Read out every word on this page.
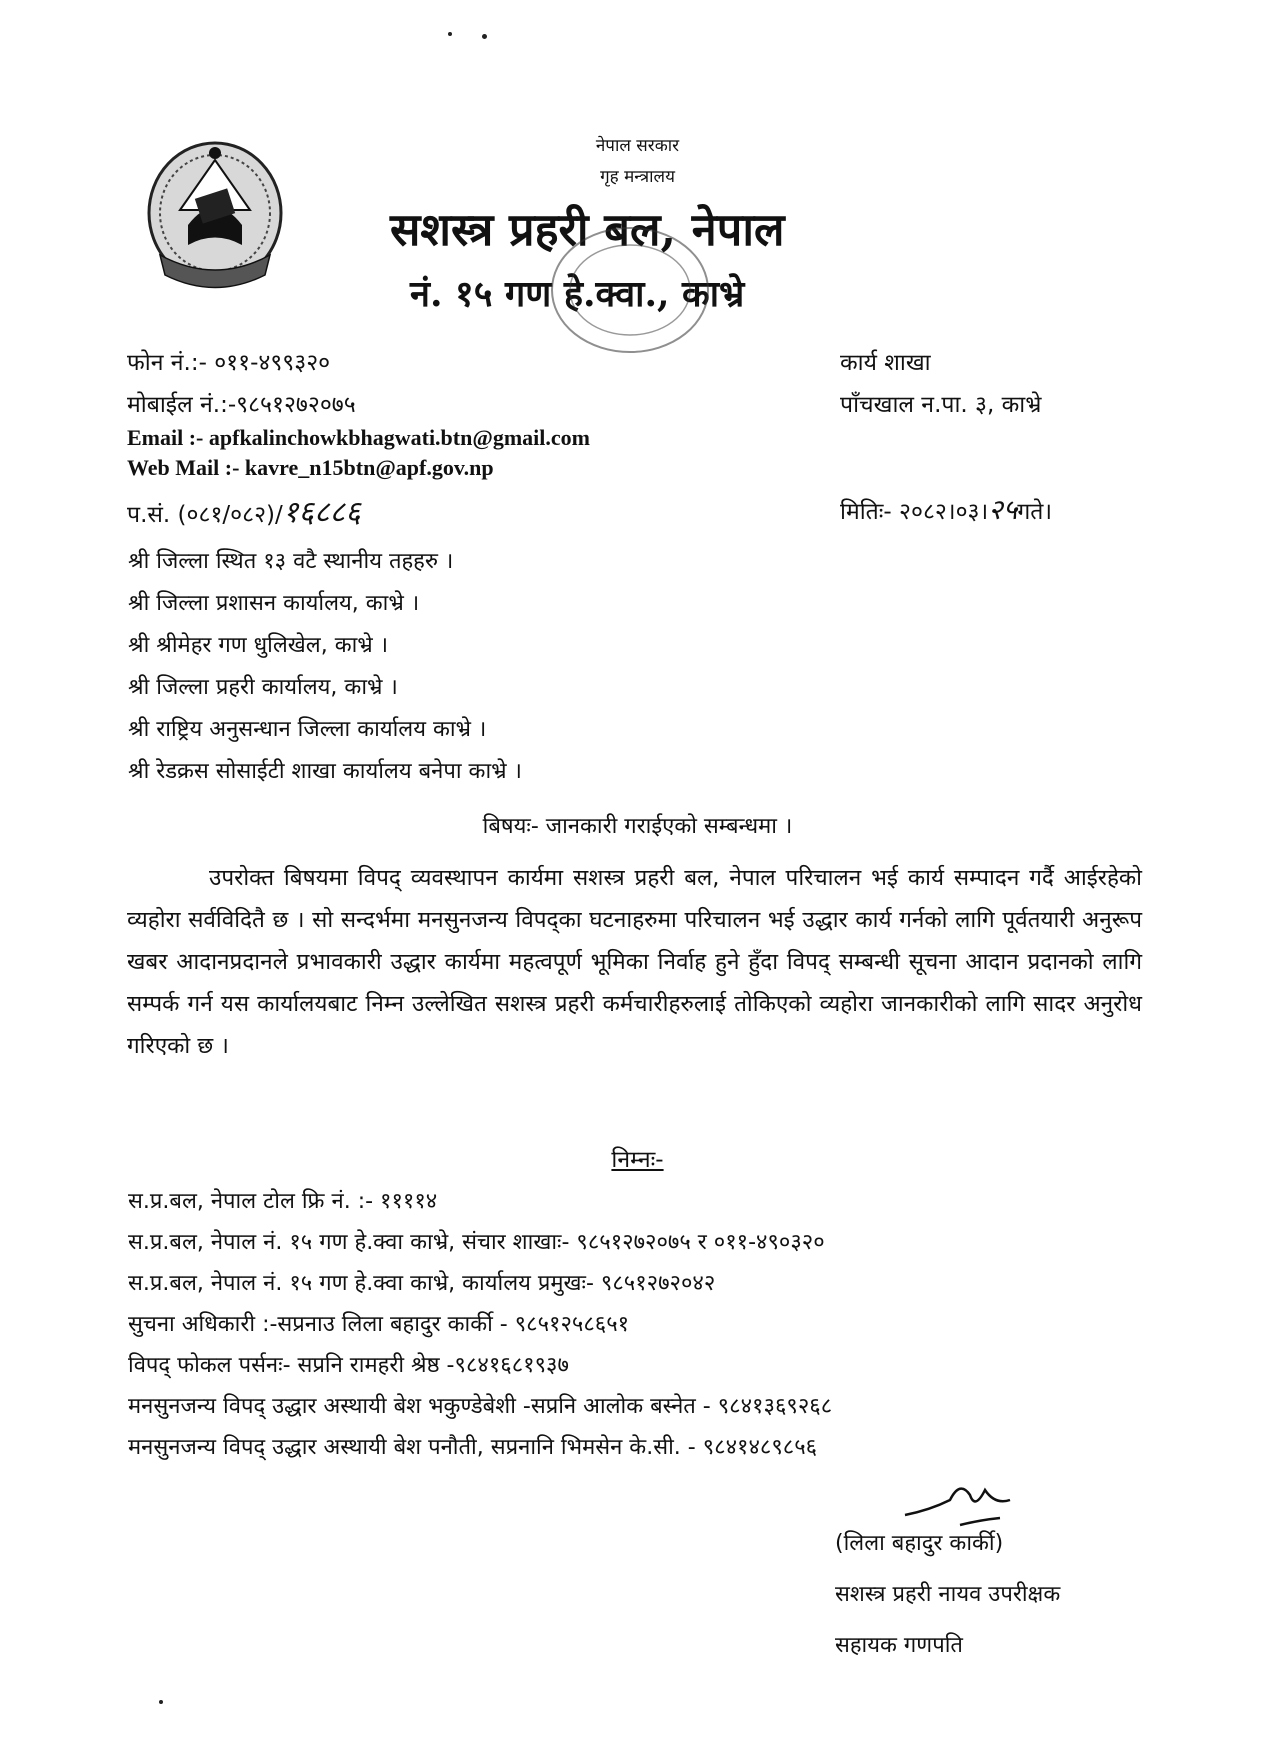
नेपाल सरकार
गृह मन्त्रालय
सशस्त्र प्रहरी बल, नेपाल
नं. १५ गण हे.क्वा., काभ्रे
फोन नं.:- ०११-४९९३२०
मोबाईल नं.:-९८५१२७२०७५
Email :- apfkalinchowkbhagwati.btn@gmail.com
Web Mail :- kavre_n15btn@apf.gov.np
प.सं. (०८१/०८२)/१६८८६
कार्य शाखा
पाँचखाल न.पा. ३, काभ्रे
मितिः- २०८२।०३।२५गते।
श्री जिल्ला स्थित १३ वटै स्थानीय तहहरु ।
श्री जिल्ला प्रशासन कार्यालय, काभ्रे ।
श्री श्रीमेहर गण धुलिखेल, काभ्रे ।
श्री जिल्ला प्रहरी कार्यालय, काभ्रे ।
श्री राष्ट्रिय अनुसन्धान जिल्ला कार्यालय काभ्रे ।
श्री रेडक्रस सोसाईटी शाखा कार्यालय बनेपा काभ्रे ।
बिषयः- जानकारी गराईएको सम्बन्धमा ।
उपरोक्त बिषयमा विपद् व्यवस्थापन कार्यमा सशस्त्र प्रहरी बल, नेपाल परिचालन भई कार्य सम्पादन गर्दै आईरहेको व्यहोरा सर्वविदितै छ । सो सन्दर्भमा मनसुनजन्य विपद्का घटनाहरुमा परिचालन भई उद्धार कार्य गर्नको लागि पूर्वतयारी अनुरूप खबर आदानप्रदानले प्रभावकारी उद्धार कार्यमा महत्वपूर्ण भूमिका निर्वाह हुने हुँदा विपद् सम्बन्धी सूचना आदान प्रदानको लागि सम्पर्क गर्न यस कार्यालयबाट निम्न उल्लेखित सशस्त्र प्रहरी कर्मचारीहरुलाई तोकिएको व्यहोरा जानकारीको लागि सादर अनुरोध गरिएको छ ।
निम्नः-
स.प्र.बल, नेपाल टोल फ्रि नं. :- ११११४
स.प्र.बल, नेपाल नं. १५ गण हे.क्वा काभ्रे, संचार शाखाः- ९८५१२७२०७५ र ०११-४९०३२०
स.प्र.बल, नेपाल नं. १५ गण हे.क्वा काभ्रे, कार्यालय प्रमुखः- ९८५१२७२०४२
सुचना अधिकारी :-सप्रनाउ लिला बहादुर कार्की - ९८५१२५८६५१
विपद् फोकल पर्सनः- सप्रनि रामहरी श्रेष्ठ -९८४१६८१९३७
मनसुनजन्य विपद् उद्धार अस्थायी बेश भकुण्डेबेशी -सप्रनि आलोक बस्नेत - ९८४१३६९२६८
मनसुनजन्य विपद् उद्धार अस्थायी बेश पनौती, सप्रनानि भिमसेन के.सी. - ९८४१४८९८५६
(लिला बहादुर कार्की)
सशस्त्र प्रहरी नायव उपरीक्षक
सहायक गणपति
